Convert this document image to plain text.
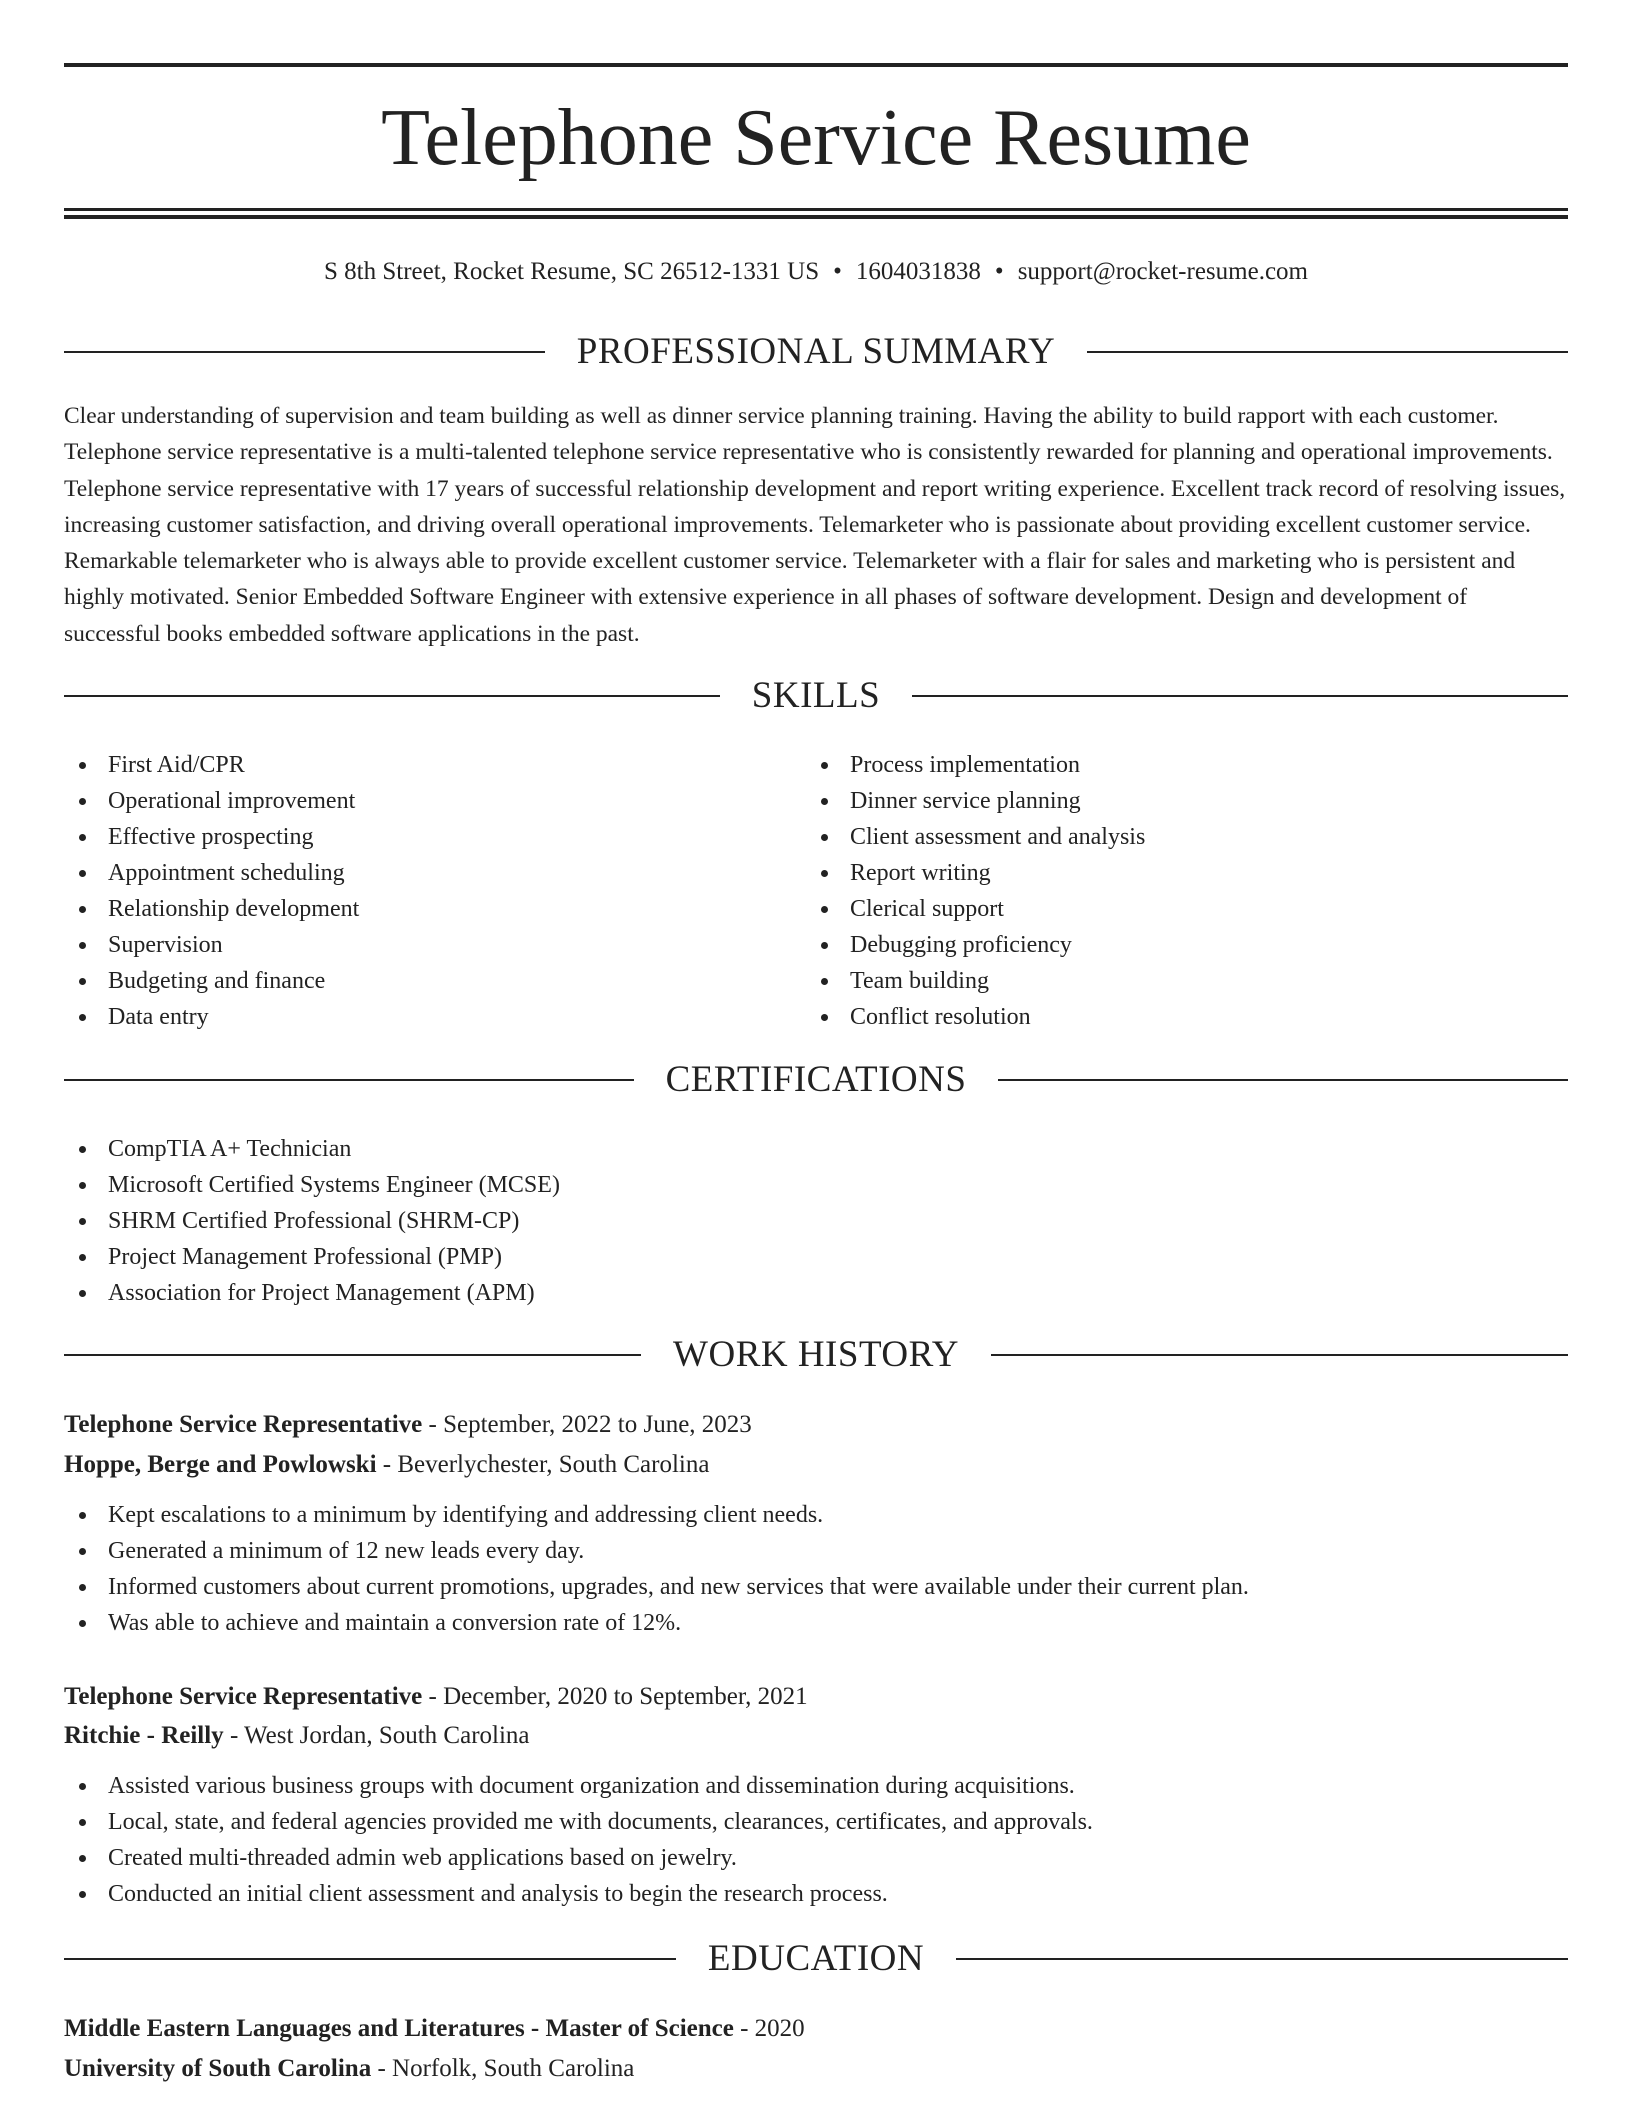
Telephone Service Resume
S 8th Street, Rocket Resume, SC 26512-1331 US • 1604031838 • support@rocket-resume.com
PROFESSIONAL SUMMARY

Clear understanding of supervision and team building as well as dinner service planning training. Having the ability to build rapport with each customer. Telephone service representative is a multi-talented telephone service representative who is consistently rewarded for planning and operational improvements. Telephone service representative with 17 years of successful relationship development and report writing experience. Excellent track record of resolving issues, increasing customer satisfaction, and driving overall operational improvements. Telemarketer who is passionate about providing excellent customer service. Remarkable telemarketer who is always able to provide excellent customer service. Telemarketer with a flair for sales and marketing who is persistent and highly motivated. Senior Embedded Software Engineer with extensive experience in all phases of software development. Design and development of successful books embedded software applications in the past.

SKILLS
First Aid/CPR
Operational improvement
Effective prospecting
Appointment scheduling
Relationship development
Supervision
Budgeting and finance
Data entry
Process implementation
Dinner service planning
Client assessment and analysis
Report writing
Clerical support
Debugging proficiency
Team building
Conflict resolution
CERTIFICATIONS
CompTIA A+ Technician
Microsoft Certified Systems Engineer (MCSE)
SHRM Certified Professional (SHRM-CP)
Project Management Professional (PMP)
Association for Project Management (APM)
WORK HISTORY
Telephone Service Representative - September, 2022 to June, 2023
Hoppe, Berge and Powlowski - Beverlychester, South Carolina
Kept escalations to a minimum by identifying and addressing client needs.
Generated a minimum of 12 new leads every day.
Informed customers about current promotions, upgrades, and new services that were available under their current plan.
Was able to achieve and maintain a conversion rate of 12%.
Telephone Service Representative - December, 2020 to September, 2021
Ritchie - Reilly - West Jordan, South Carolina
Assisted various business groups with document organization and dissemination during acquisitions.
Local, state, and federal agencies provided me with documents, clearances, certificates, and approvals.
Created multi-threaded admin web applications based on jewelry.
Conducted an initial client assessment and analysis to begin the research process.
EDUCATION
Middle Eastern Languages and Literatures - Master of Science - 2020
University of South Carolina - Norfolk, South Carolina
